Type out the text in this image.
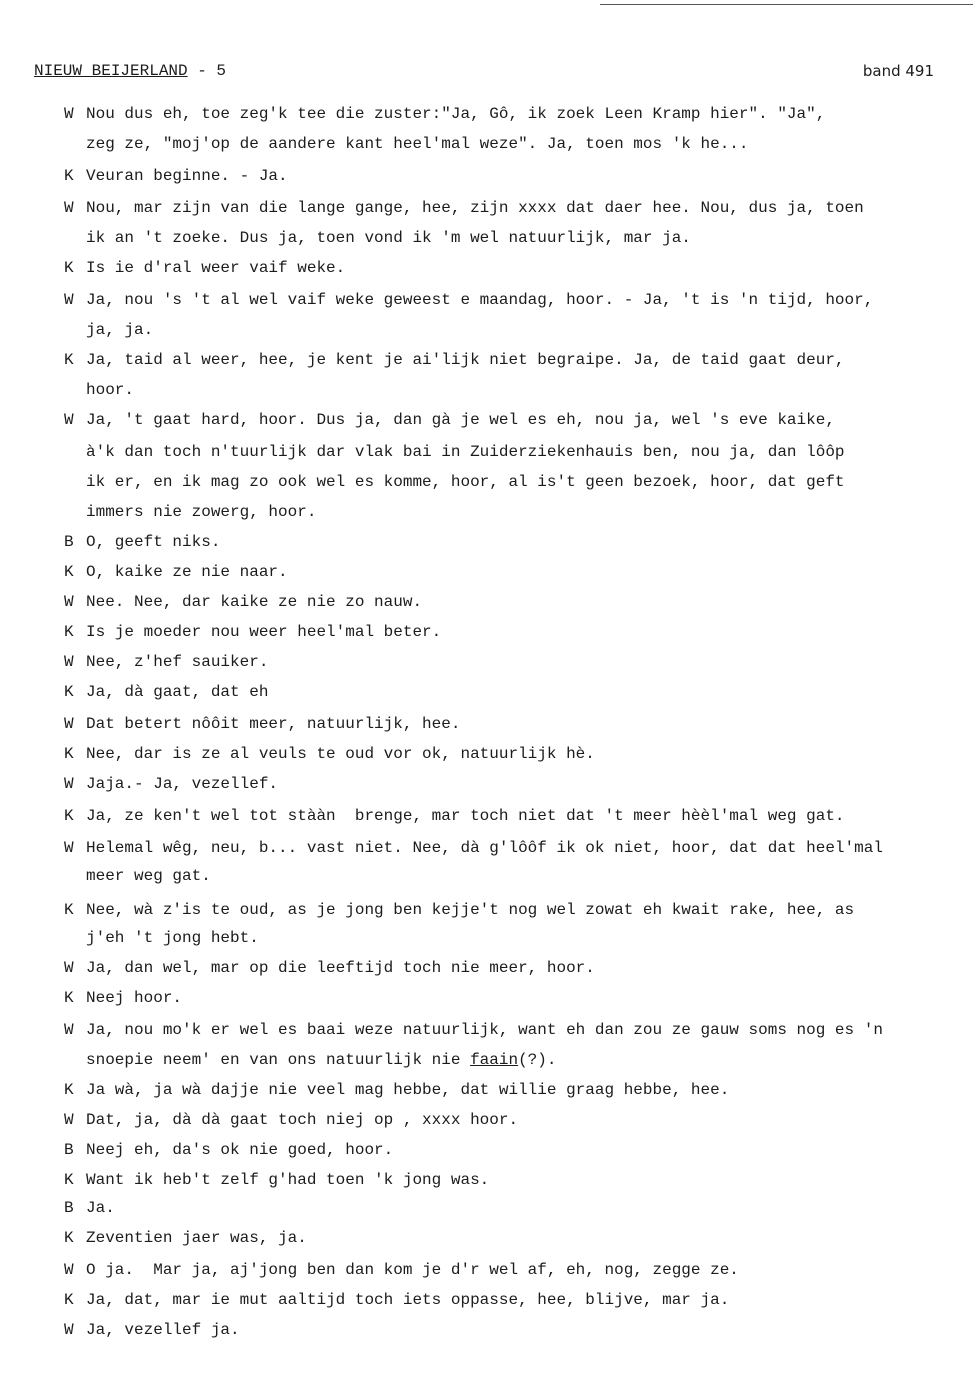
NIEUW BEIJERLAND - 5	band 491
W Nou dus eh, toe zeg'k tee die zuster:"Ja, Gô, ik zoek Leen Kramp hier". "Ja",
zeg ze, "moj'op de aandere kant heel'mal weze". Ja, toen mos 'k he...
K Veuran beginne. - Ja.
W Nou, mar zijn van die lange gange, hee, zijn xxxx dat daer hee. Nou, dus ja, toen
ik an 't zoeke. Dus ja, toen vond ik 'm wel natuurlijk, mar ja.
K Is ie d'ral weer vaif weke.
W Ja, nou 's 't al wel vaif weke geweest e maandag, hoor. - Ja, 't is 'n tijd, hoor,
ja, ja.
K Ja, taid al weer, hee, je kent je ai'lijk niet begraipe. Ja, de taid gaat deur,
hoor.
W Ja, 't gaat hard, hoor. Dus ja, dan gà je wel es eh, nou ja, wel 's eve kaike,
à'k dan toch n'tuurlijk dar vlak bai in Zuiderziekenhauis ben, nou ja, dan lôôp
ik er, en ik mag zo ook wel es komme, hoor, al is't geen bezoek, hoor, dat geft
immers nie zowerg, hoor.
B O, geeft niks.
K O, kaike ze nie naar.
W Nee. Nee, dar kaike ze nie zo nauw.
K Is je moeder nou weer heel'mal beter.
W Nee, z'hef sauiker.
K Ja, dà gaat, dat eh
W Dat betert nôôit meer, natuurlijk, hee.
K Nee, dar is ze al veuls te oud vor ok, natuurlijk hè.
W Jaja.- Ja, vezellef.
K Ja, ze ken't wel tot stààn  brenge, mar toch niet dat 't meer hèèl'mal weg gat.
W Helemal wêg, neu, b... vast niet. Nee, dà g'lôôf ik ok niet, hoor, dat dat heel'mal
meer weg gat.
K Nee, wà z'is te oud, as je jong ben kejje't nog wel zowat eh kwait rake, hee, as
j'eh 't jong hebt.
W Ja, dan wel, mar op die leeftijd toch nie meer, hoor.
K Neej hoor.
W Ja, nou mo'k er wel es baai weze natuurlijk, want eh dan zou ze gauw soms nog es 'n
snoepie neem' en van ons natuurlijk nie faain(?).
K Ja wà, ja wà dajje nie veel mag hebbe, dat willie graag hebbe, hee.
W Dat, ja, dà dà gaat toch niej op , xxxx hoor.
B Neej eh, da's ok nie goed, hoor.
K Want ik heb't zelf g'had toen 'k jong was.
B Ja.
K Zeventien jaer was, ja.
W O ja.  Mar ja, aj'jong ben dan kom je d'r wel af, eh, nog, zegge ze.
K Ja, dat, mar ie mut aaltijd toch iets oppasse, hee, blijve, mar ja.
W Ja, vezellef ja.
